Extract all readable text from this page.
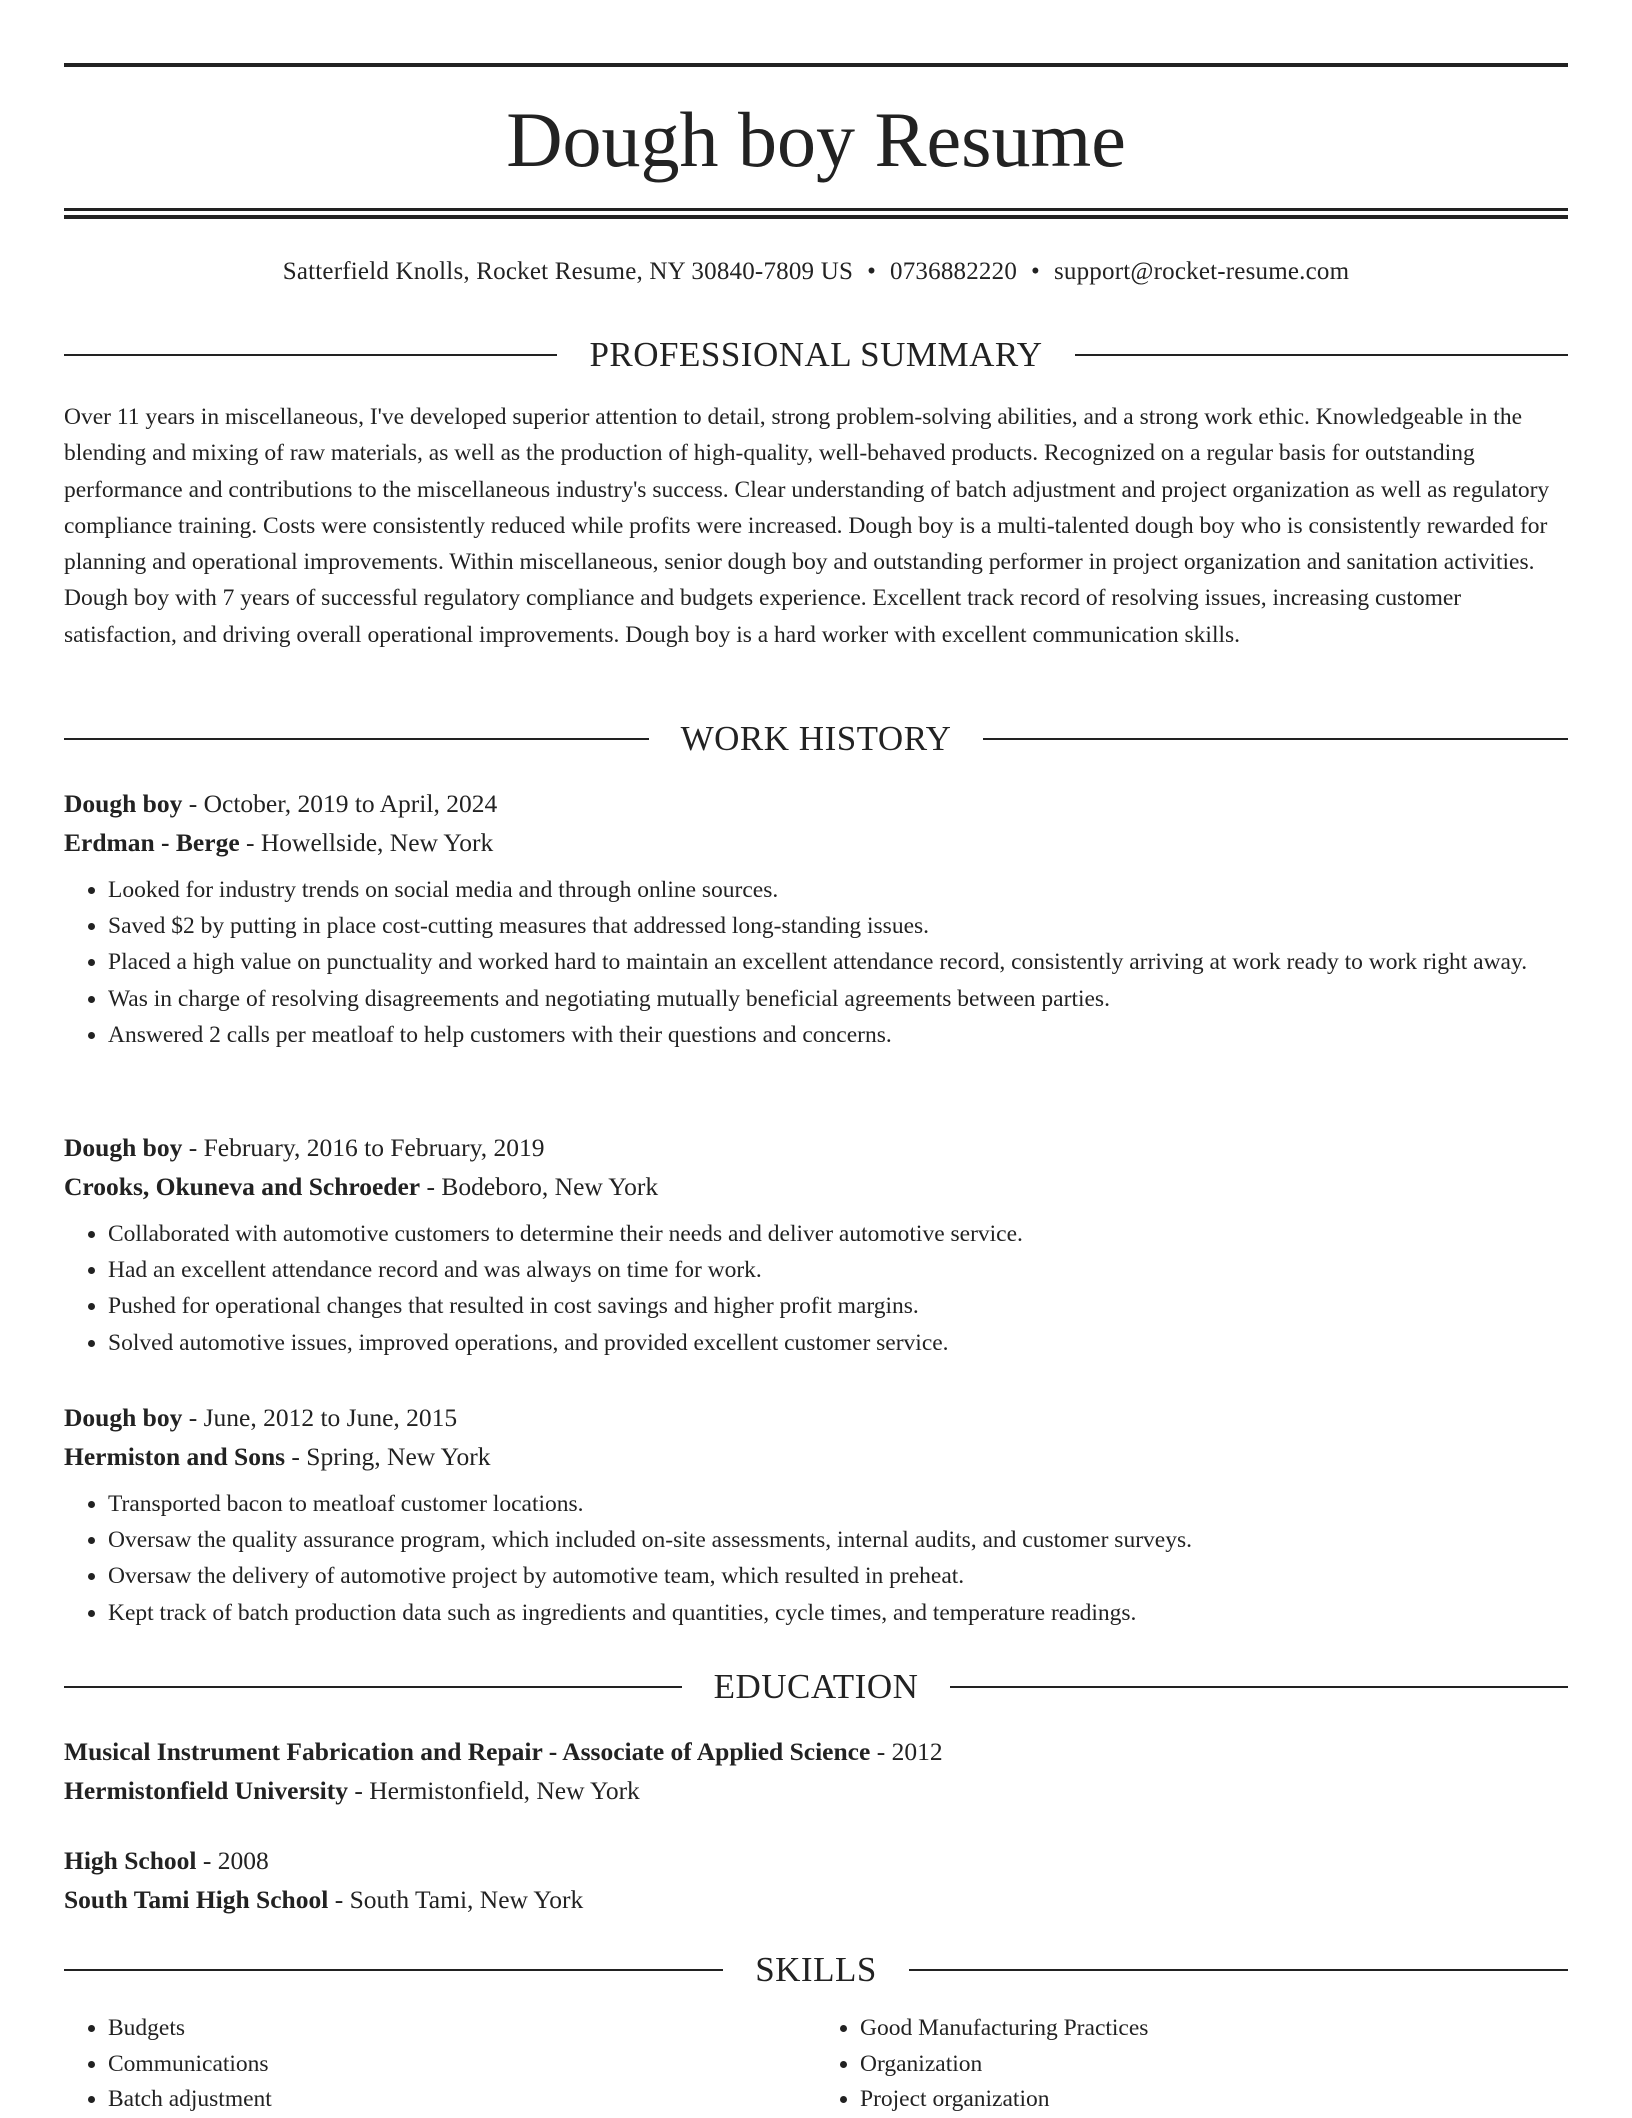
Dough boy Resume
Satterfield Knolls, Rocket Resume, NY 30840-7809 US • 0736882220 • support@rocket-resume.com
PROFESSIONAL SUMMARY

Over 11 years in miscellaneous, I've developed superior attention to detail, strong problem-solving abilities, and a strong work ethic. Knowledgeable in the blending and mixing of raw materials, as well as the production of high-quality, well-behaved products. Recognized on a regular basis for outstanding performance and contributions to the miscellaneous industry's success. Clear understanding of batch adjustment and project organization as well as regulatory compliance training. Costs were consistently reduced while profits were increased. Dough boy is a multi-talented dough boy who is consistently rewarded for planning and operational improvements. Within miscellaneous, senior dough boy and outstanding performer in project organization and sanitation activities. Dough boy with 7 years of successful regulatory compliance and budgets experience. Excellent track record of resolving issues, increasing customer satisfaction, and driving overall operational improvements. Dough boy is a hard worker with excellent communication skills.

WORK HISTORY

Dough boy - October, 2019 to April, 2024

Erdman - Berge - Howellside, New York

• Looked for industry trends on social media and through online sources.
• Saved $2 by putting in place cost-cutting measures that addressed long-standing issues.
• Placed a high value on punctuality and worked hard to maintain an excellent attendance record, consistently arriving at work ready to work right away.
• Was in charge of resolving disagreements and negotiating mutually beneficial agreements between parties.
• Answered 2 calls per meatloaf to help customers with their questions and concerns.

Dough boy - February, 2016 to February, 2019

Crooks, Okuneva and Schroeder - Bodeboro, New York

• Collaborated with automotive customers to determine their needs and deliver automotive service.
• Had an excellent attendance record and was always on time for work.
• Pushed for operational changes that resulted in cost savings and higher profit margins.
• Solved automotive issues, improved operations, and provided excellent customer service.

Dough boy - June, 2012 to June, 2015

Hermiston and Sons - Spring, New York

• Transported bacon to meatloaf customer locations.
• Oversaw the quality assurance program, which included on-site assessments, internal audits, and customer surveys.
• Oversaw the delivery of automotive project by automotive team, which resulted in preheat.
• Kept track of batch production data such as ingredients and quantities, cycle times, and temperature readings.
EDUCATION

Musical Instrument Fabrication and Repair - Associate of Applied Science - 2012

Hermistonfield University - Hermistonfield, New York

High School - 2008

South Tami High School - South Tami, New York

SKILLS
• Budgets
• Communications
• Batch adjustment
• Good Manufacturing Practices
• Organization
• Project organization
